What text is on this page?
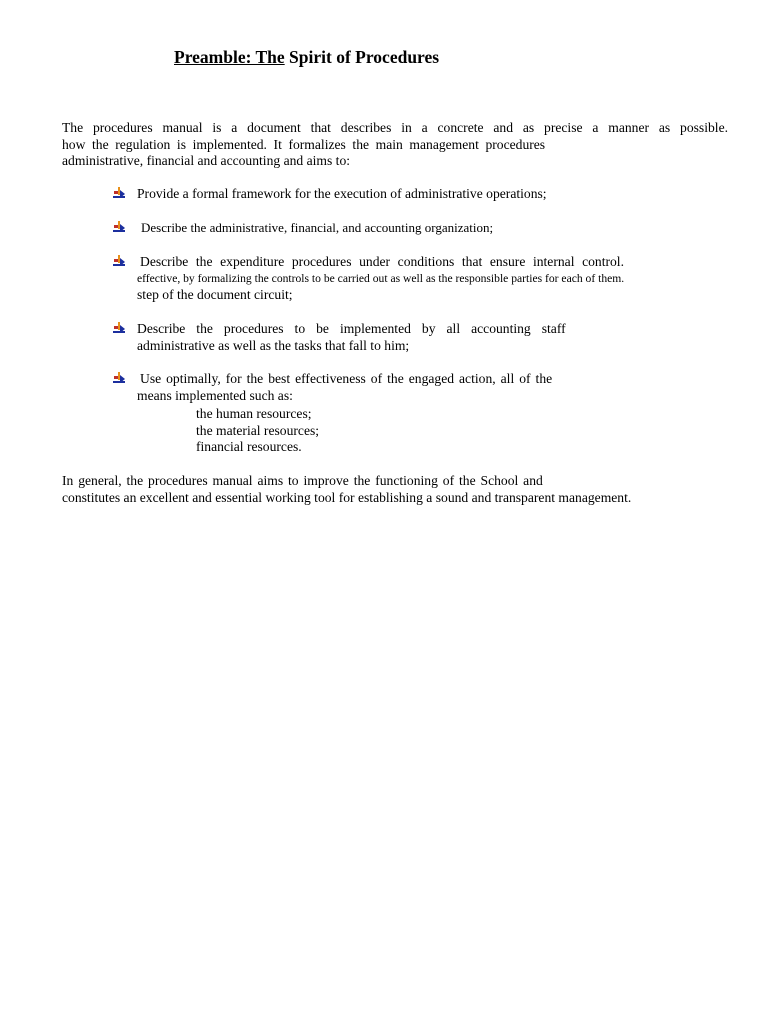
Preamble: The Spirit of Procedures
The procedures manual is a document that describes in a concrete and as precise a manner as possible.
how the regulation is implemented. It formalizes the main management procedures
administrative, financial and accounting and aims to:
Provide a formal framework for the execution of administrative operations;
Describe the administrative, financial, and accounting organization;
Describe the expenditure procedures under conditions that ensure internal control.
effective, by formalizing the controls to be carried out as well as the responsible parties for each of them.
step of the document circuit;
Describe the procedures to be implemented by all accounting staff
administrative as well as the tasks that fall to him;
Use optimally, for the best effectiveness of the engaged action, all of the
means implemented such as:
the human resources;
the material resources;
financial resources.
In general, the procedures manual aims to improve the functioning of the School and
constitutes an excellent and essential working tool for establishing a sound and transparent management.
